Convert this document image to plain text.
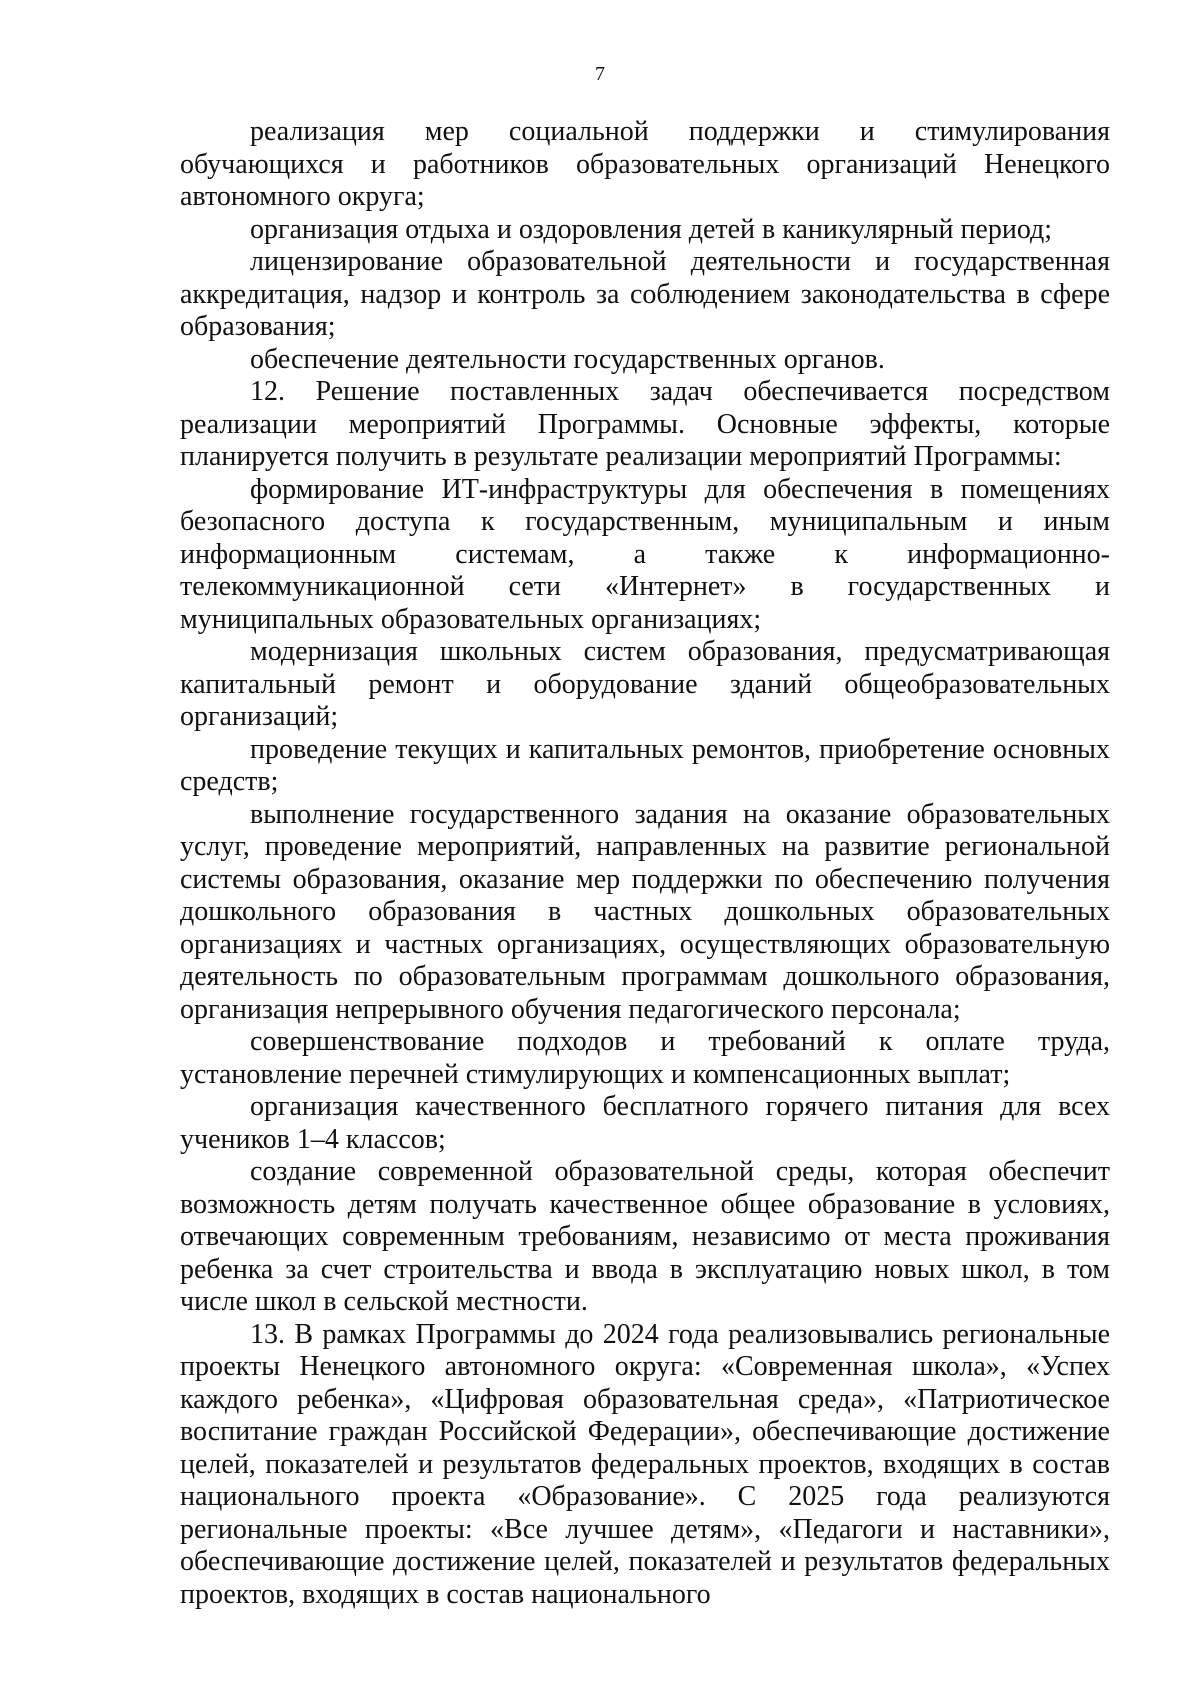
7

реализация мер социальной поддержки и стимулирования обучающихся и работников образовательных организаций Ненецкого автономного округа;

организация отдыха и оздоровления детей в каникулярный период;

лицензирование образовательной деятельности и государственная аккредитация, надзор и контроль за соблюдением законодательства в сфере образования;

обеспечение деятельности государственных органов.

12. Решение поставленных задач обеспечивается посредством реализации мероприятий Программы. Основные эффекты, которые планируется получить в результате реализации мероприятий Программы:

формирование ИТ-инфраструктуры для обеспечения в помещениях безопасного доступа к государственным, муниципальным и иным информационным системам, а также к информационно-телекоммуникационной сети «Интернет» в государственных и муниципальных образовательных организациях;

модернизация школьных систем образования, предусматривающая капитальный ремонт и оборудование зданий общеобразовательных организаций;

проведение текущих и капитальных ремонтов, приобретение основных средств;

выполнение государственного задания на оказание образовательных услуг, проведение мероприятий, направленных на развитие региональной системы образования, оказание мер поддержки по обеспечению получения дошкольного образования в частных дошкольных образовательных организациях и частных организациях, осуществляющих образовательную деятельность по образовательным программам дошкольного образования, организация непрерывного обучения педагогического персонала;

совершенствование подходов и требований к оплате труда, установление перечней стимулирующих и компенсационных выплат;

организация качественного бесплатного горячего питания для всех учеников 1–4 классов;

создание современной образовательной среды, которая обеспечит возможность детям получать качественное общее образование в условиях, отвечающих современным требованиям, независимо от места проживания ребенка за счет строительства и ввода в эксплуатацию новых школ, в том числе школ в сельской местности.

13. В рамках Программы до 2024 года реализовывались региональные проекты Ненецкого автономного округа: «Современная школа», «Успех каждого ребенка», «Цифровая образовательная среда», «Патриотическое воспитание граждан Российской Федерации», обеспечивающие достижение целей, показателей и результатов федеральных проектов, входящих в состав национального проекта «Образование». С 2025 года реализуются региональные проекты: «Все лучшее детям», «Педагоги и наставники», обеспечивающие достижение целей, показателей и результатов федеральных проектов, входящих в состав национального
